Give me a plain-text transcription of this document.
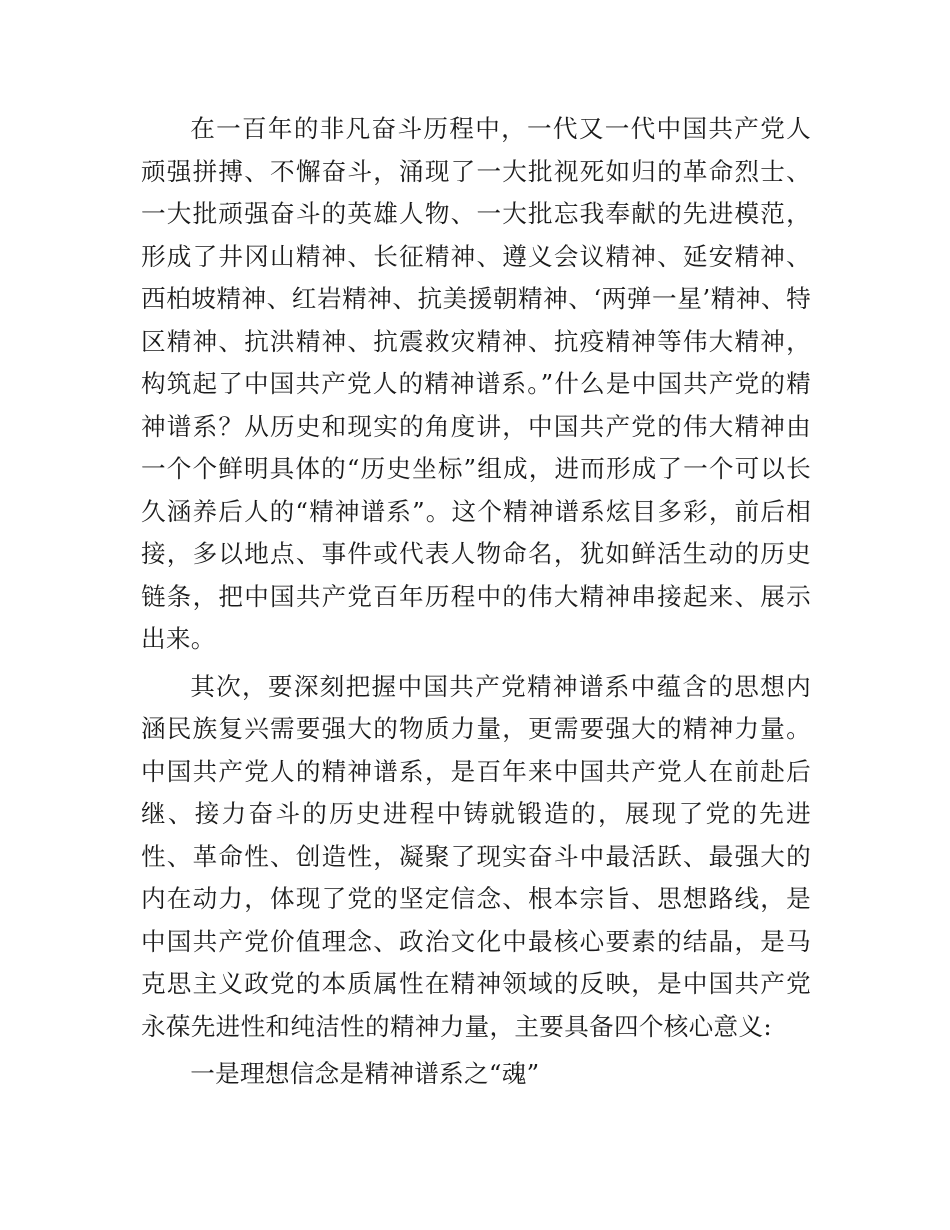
在一百年的非凡奋斗历程中，一代又一代中国共产党人顽强拼搏、不懈奋斗，涌现了一大批视死如归的革命烈士、一大批顽强奋斗的英雄人物、一大批忘我奉献的先进模范，形成了井冈山精神、长征精神、遵义会议精神、延安精神、西柏坡精神、红岩精神、抗美援朝精神、‘两弹一星’精神、特区精神、抗洪精神、抗震救灾精神、抗疫精神等伟大精神，构筑起了中国共产党人的精神谱系。”什么是中国共产党的精神谱系？从历史和现实的角度讲，中国共产党的伟大精神由一个个鲜明具体的“历史坐标”组成，进而形成了一个可以长久涵养后人的“精神谱系”。这个精神谱系炫目多彩，前后相接，多以地点、事件或代表人物命名，犹如鲜活生动的历史链条，把中国共产党百年历程中的伟大精神串接起来、展示出来。

其次，要深刻把握中国共产党精神谱系中蕴含的思想内涵民族复兴需要强大的物质力量，更需要强大的精神力量。中国共产党人的精神谱系，是百年来中国共产党人在前赴后继、接力奋斗的历史进程中铸就锻造的，展现了党的先进性、革命性、创造性，凝聚了现实奋斗中最活跃、最强大的内在动力，体现了党的坚定信念、根本宗旨、思想路线，是中国共产党价值理念、政治文化中最核心要素的结晶，是马克思主义政党的本质属性在精神领域的反映，是中国共产党永葆先进性和纯洁性的精神力量，主要具备四个核心意义:

一是理想信念是精神谱系之“魂”
